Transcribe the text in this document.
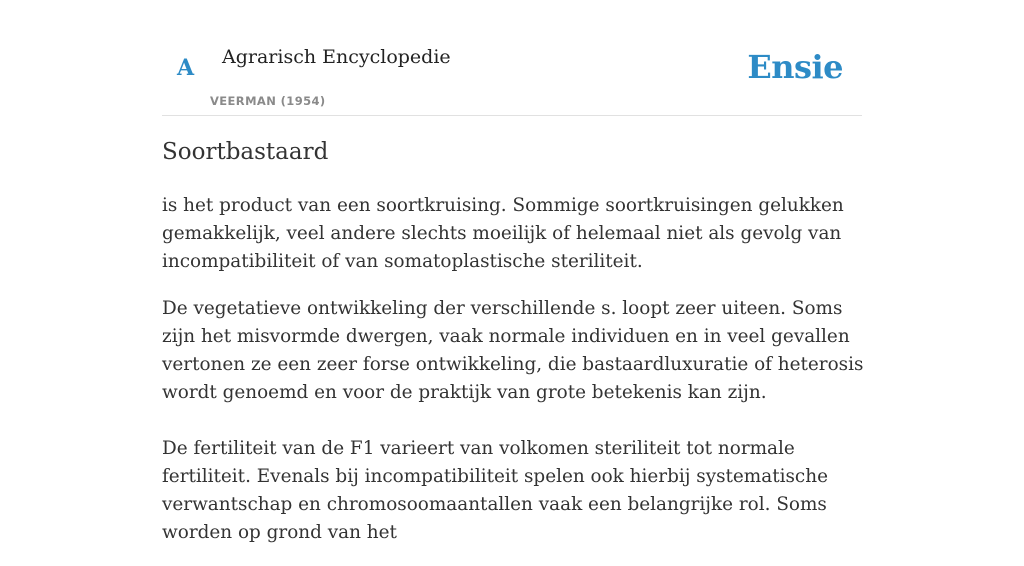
A Agrarisch Encyclopedie
VEERMAN (1954)
Ensie
Soortbastaard

is het product van een soortkruising. Sommige soortkruisingen gelukken gemakkelijk, veel andere slechts moeilijk of helemaal niet als gevolg van incompatibiliteit of van somatoplastische steriliteit.

De vegetatieve ontwikkeling der verschillende s. loopt zeer uiteen. Soms zijn het misvormde dwergen, vaak normale individuen en in veel gevallen vertonen ze een zeer forse ontwikkeling, die bastaardluxuratie of heterosis wordt genoemd en voor de praktijk van grote betekenis kan zijn.

De fertiliteit van de F1 varieert van volkomen steriliteit tot normale fertiliteit. Evenals bij incompatibiliteit spelen ook hierbij systematische verwantschap en chromosoomaantallen vaak een belangrijke rol. Soms worden op grond van het
